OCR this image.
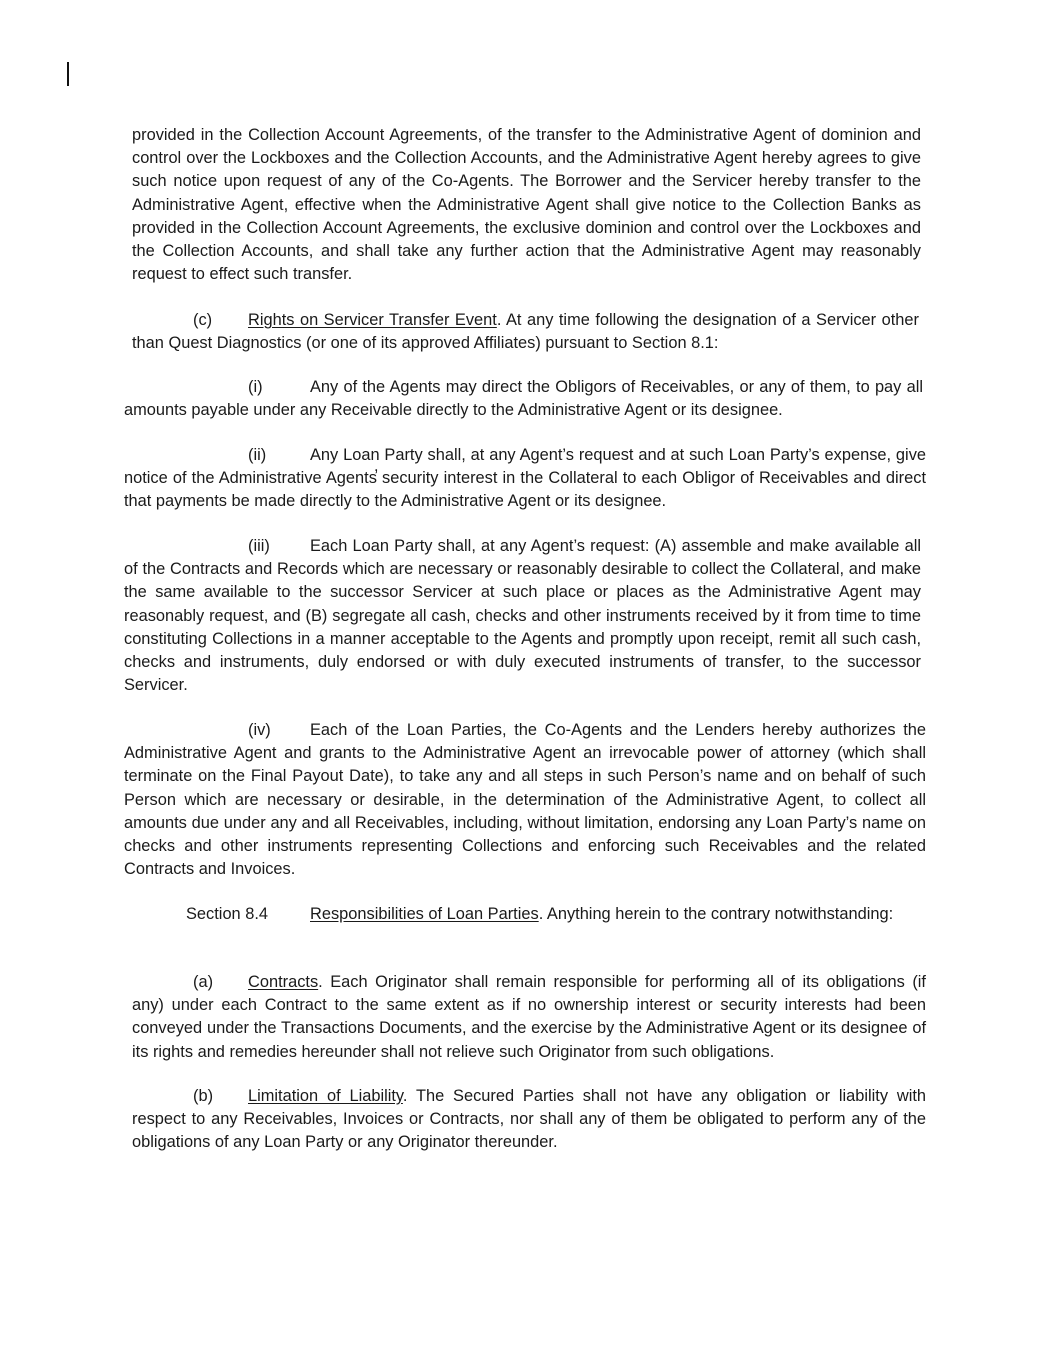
provided in the Collection Account Agreements, of the transfer to the Administrative Agent of dominion and control over the Lockboxes and the Collection Accounts, and the Administrative Agent hereby agrees to give such notice upon request of any of the Co-Agents. The Borrower and the Servicer hereby transfer to the Administrative Agent, effective when the Administrative Agent shall give notice to the Collection Banks as provided in the Collection Account Agreements, the exclusive dominion and control over the Lockboxes and the Collection Accounts, and shall take any further action that the Administrative Agent may reasonably request to effect such transfer.

(c) Rights on Servicer Transfer Event. At any time following the designation of a Servicer other than Quest Diagnostics (or one of its approved Affiliates) pursuant to Section 8.1:

(i)	Any of the Agents may direct the Obligors of Receivables, or any of them, to pay all amounts payable under any Receivable directly to the Administrative Agent or its designee.

(ii)	Any Loan Party shall, at any Agent’s request and at such Loan Party’s expense, give notice of the Administrative Agents̕ security interest in the Collateral to each Obligor of Receivables and direct that payments be made directly to the Administrative Agent or its designee.

(iii) Each Loan Party shall, at any Agent’s request: (A) assemble and make available all of the Contracts and Records which are necessary or reasonably desirable to collect the Collateral, and make the same available to the successor Servicer at such place or places as the Administrative Agent may reasonably request, and (B) segregate all cash, checks and other instruments received by it from time to time constituting Collections in a manner acceptable to the Agents and promptly upon receipt, remit all such cash, checks and instruments, duly endorsed or with duly executed instruments of transfer, to the successor Servicer.

(iv) Each of the Loan Parties, the Co-Agents and the Lenders hereby authorizes the Administrative Agent and grants to the Administrative Agent an irrevocable power of attorney (which shall terminate on the Final Payout Date), to take any and all steps in such Person’s name and on behalf of such Person which are necessary or desirable, in the determination of the Administrative Agent, to collect all amounts due under any and all Receivables, including, without limitation, endorsing any Loan Party’s name on checks and other instruments representing Collections and enforcing such Receivables and the related Contracts and Invoices.

Section 8.4	Responsibilities of Loan Parties. Anything herein to the contrary notwithstanding:

(a) Contracts. Each Originator shall remain responsible for performing all of its obligations (if any) under each Contract to the same extent as if no ownership interest or security interests had been conveyed under the Transactions Documents, and the exercise by the Administrative Agent or its designee of its rights and remedies hereunder shall not relieve such Originator from such obligations.

(b) Limitation of Liability. The Secured Parties shall not have any obligation or liability with respect to any Receivables, Invoices or Contracts, nor shall any of them be obligated to perform any of the obligations of any Loan Party or any Originator thereunder.
